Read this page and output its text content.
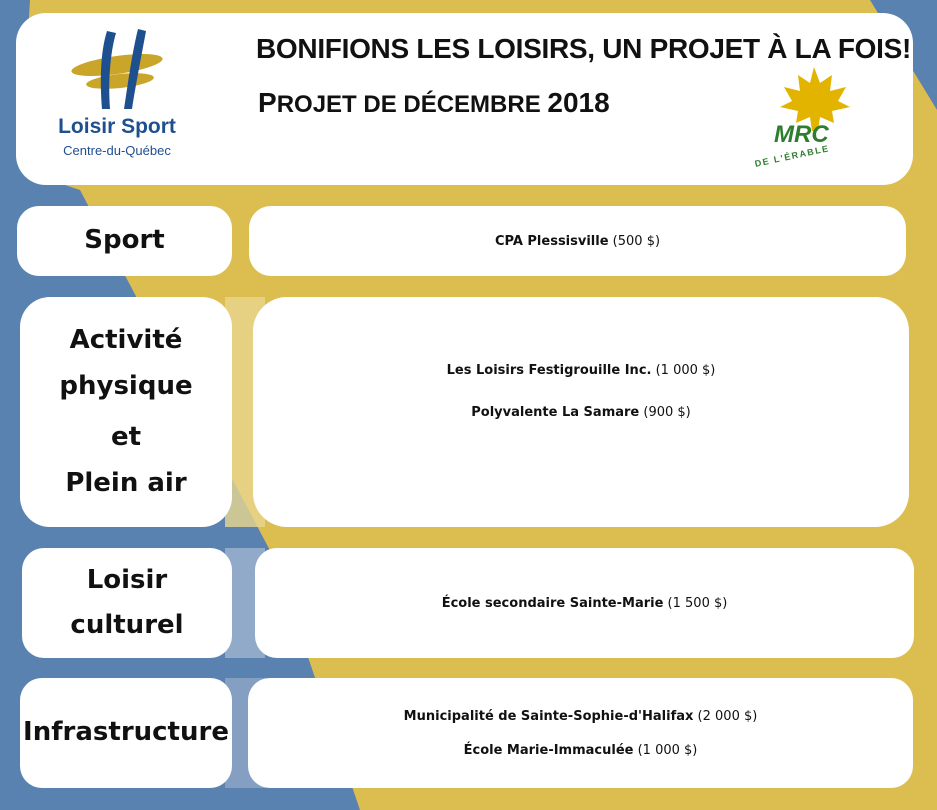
Loisir Sport
Centre-du-Québec
BONIFIONS LES LOISIRS, UN PROJET À LA FOIS!
PROJET DE DÉCEMBRE 2018
MRC
DE L'ÉRABLE
Sport	CPA Plessisville (500 $)
Activité
physique
et
Plein air
Les Loisirs Festigrouille Inc. (1 000 $)
Polyvalente La Samare (900 $)
Loisir
culturel
École secondaire Sainte-Marie (1 500 $)
Infrastructure
Municipalité de Sainte-Sophie-d'Halifax (2 000 $)
École Marie-Immaculée (1 000 $)
